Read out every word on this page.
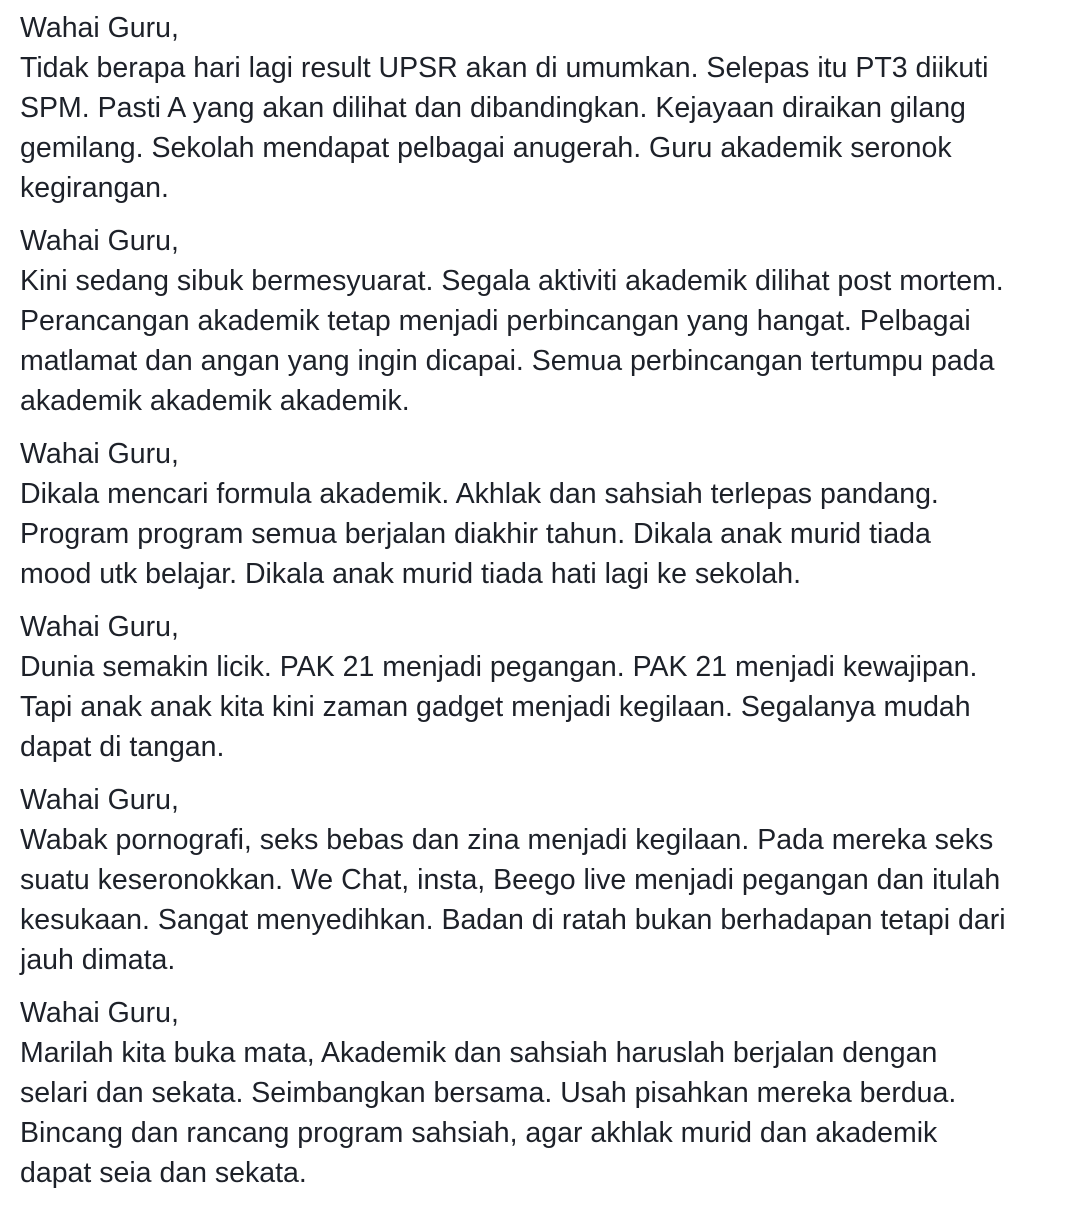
Wahai Guru,
Tidak berapa hari lagi result UPSR akan di umumkan. Selepas itu PT3 diikuti
SPM. Pasti A yang akan dilihat dan dibandingkan. Kejayaan diraikan gilang
gemilang. Sekolah mendapat pelbagai anugerah. Guru akademik seronok
kegirangan.
Wahai Guru,
Kini sedang sibuk bermesyuarat. Segala aktiviti akademik dilihat post mortem.
Perancangan akademik tetap menjadi perbincangan yang hangat. Pelbagai
matlamat dan angan yang ingin dicapai. Semua perbincangan tertumpu pada
akademik akademik akademik.
Wahai Guru,
Dikala mencari formula akademik. Akhlak dan sahsiah terlepas pandang.
Program program semua berjalan diakhir tahun. Dikala anak murid tiada
mood utk belajar. Dikala anak murid tiada hati lagi ke sekolah.
Wahai Guru,
Dunia semakin licik. PAK 21 menjadi pegangan. PAK 21 menjadi kewajipan.
Tapi anak anak kita kini zaman gadget menjadi kegilaan. Segalanya mudah
dapat di tangan.
Wahai Guru,
Wabak pornografi, seks bebas dan zina menjadi kegilaan. Pada mereka seks
suatu keseronokkan. We Chat, insta, Beego live menjadi pegangan dan itulah
kesukaan. Sangat menyedihkan. Badan di ratah bukan berhadapan tetapi dari
jauh dimata.
Wahai Guru,
Marilah kita buka mata, Akademik dan sahsiah haruslah berjalan dengan
selari dan sekata. Seimbangkan bersama. Usah pisahkan mereka berdua.
Bincang dan rancang program sahsiah, agar akhlak murid dan akademik
dapat seia dan sekata.
